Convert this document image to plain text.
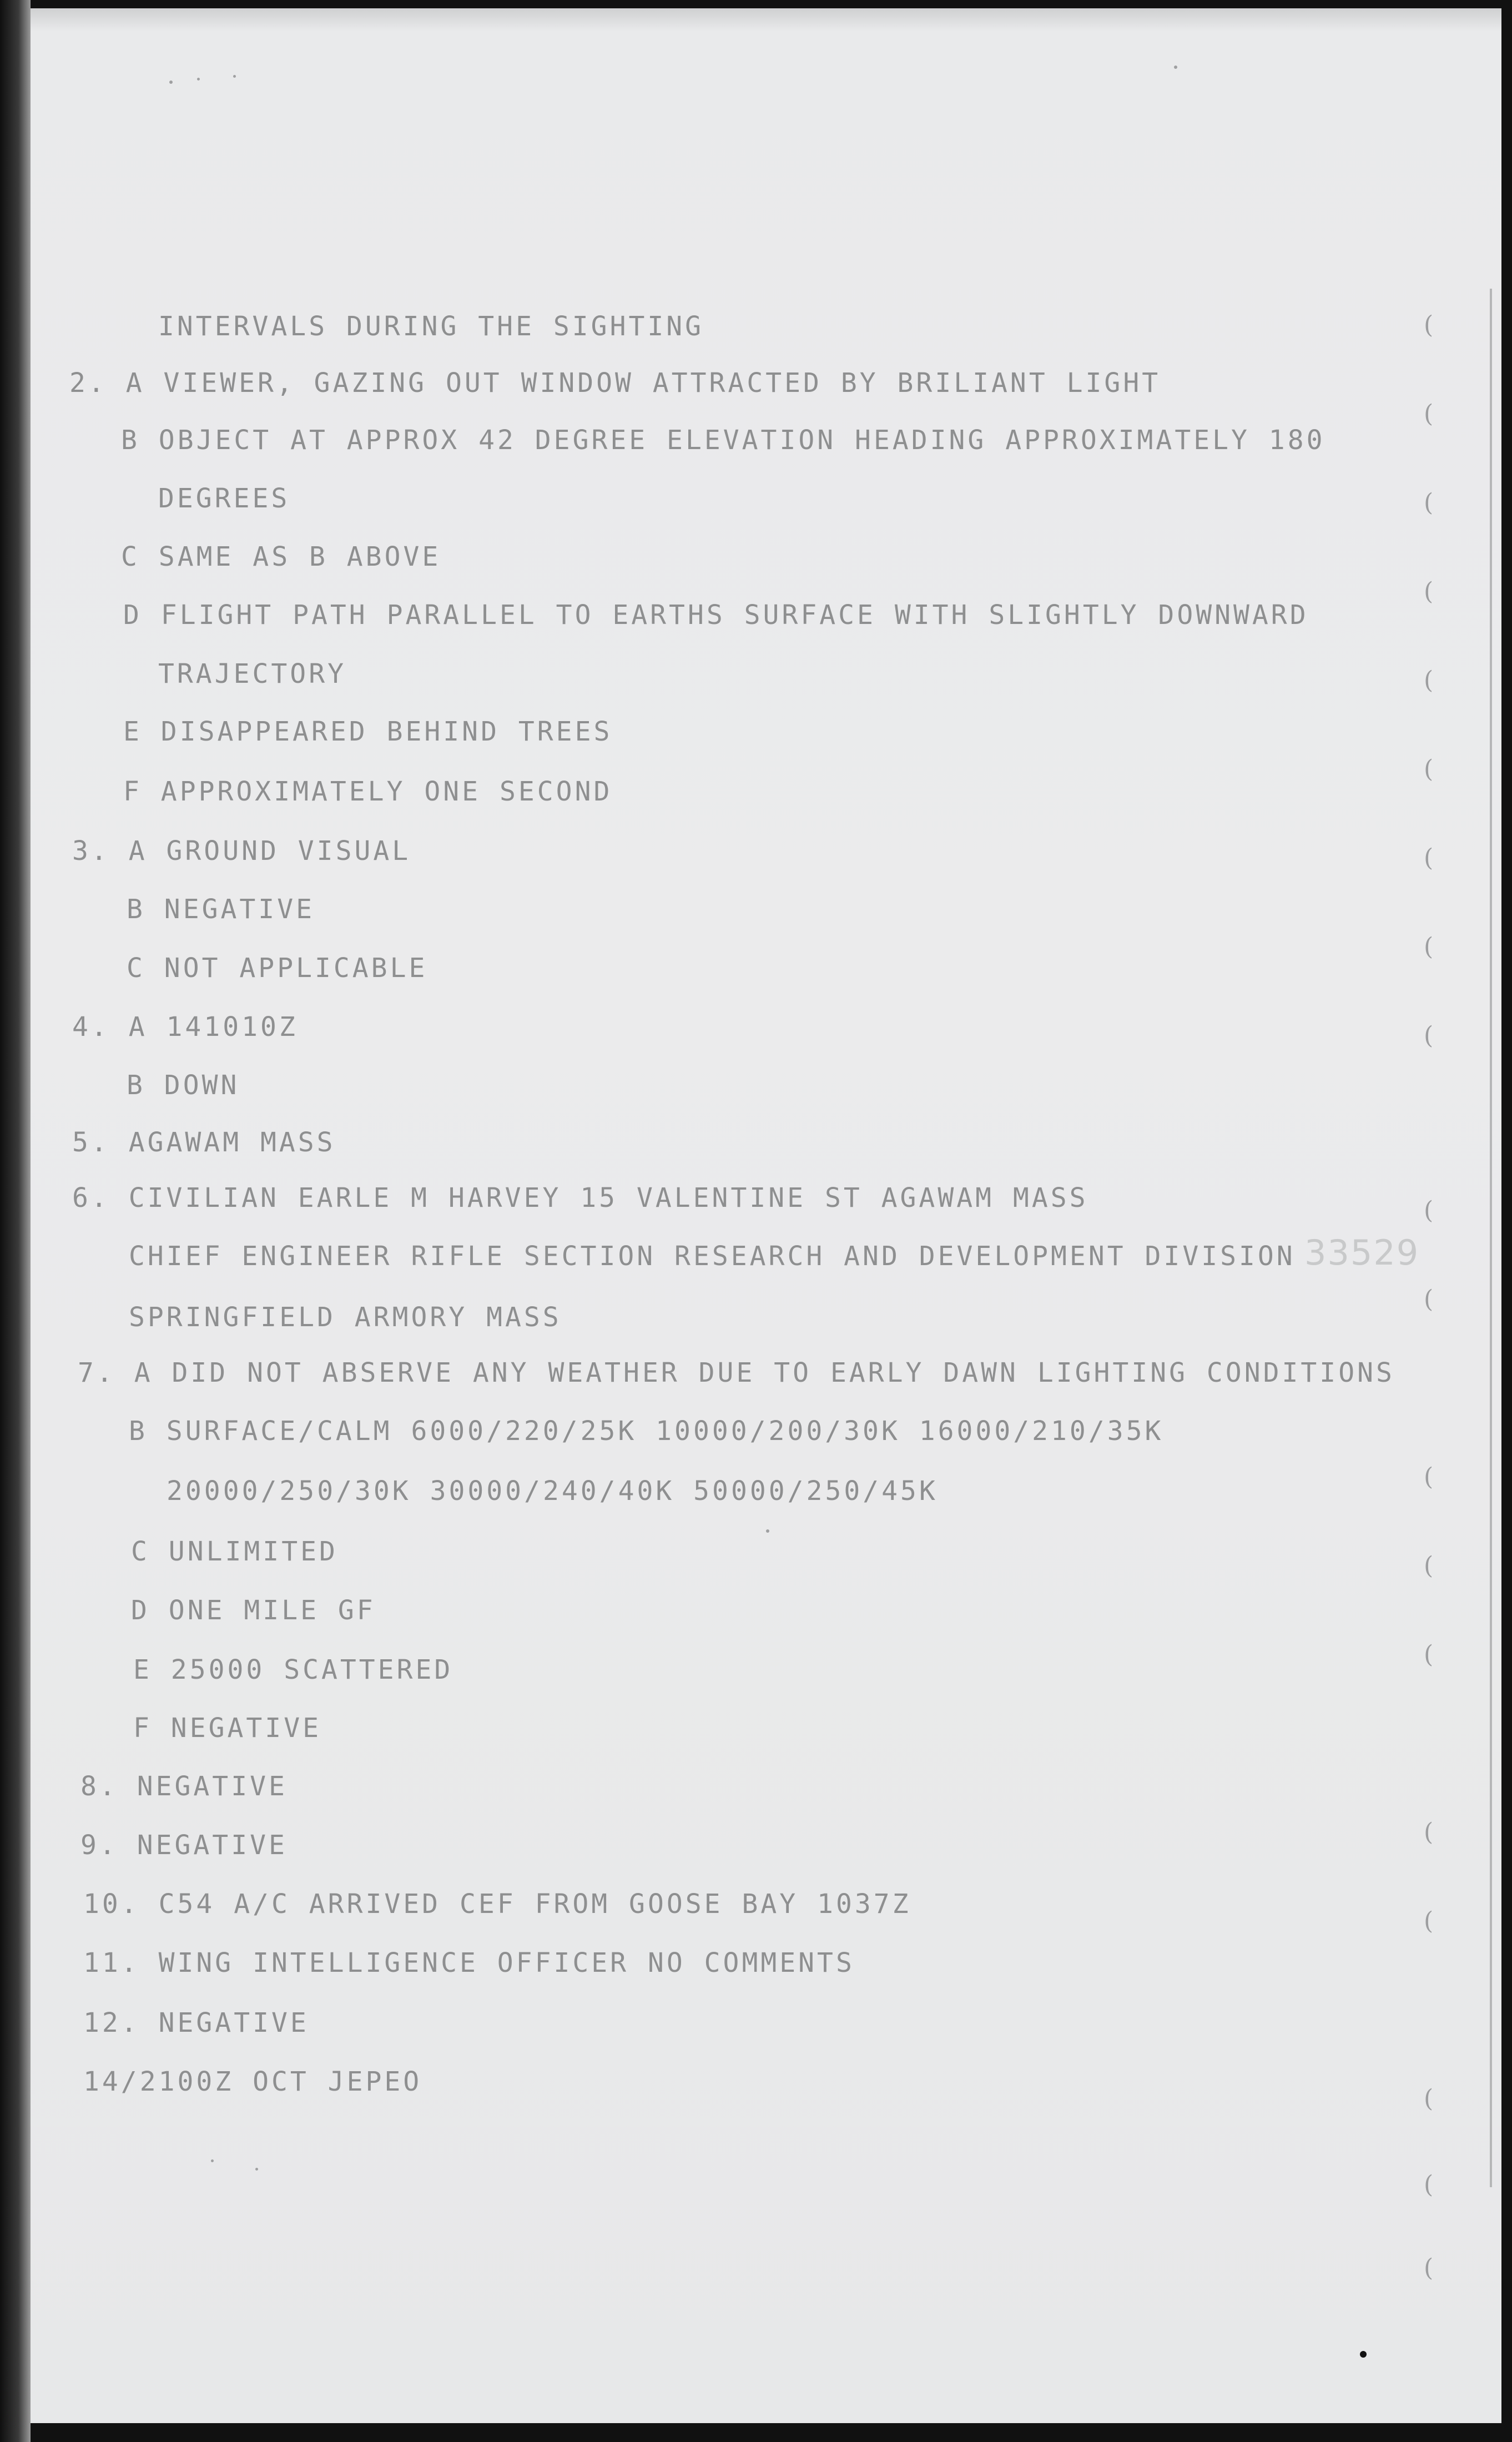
INTERVALS DURING THE SIGHTING

2. A VIEWER, GAZING OUT WINDOW ATTRACTED BY BRILIANT LIGHT

B OBJECT AT APPROX 42 DEGREE ELEVATION HEADING APPROXIMATELY 180

DEGREES

C SAME AS B ABOVE

D FLIGHT PATH PARALLEL TO EARTHS SURFACE WITH SLIGHTLY DOWNWARD

TRAJECTORY

E DISAPPEARED BEHIND TREES

F APPROXIMATELY ONE SECOND

3. A GROUND VISUAL

B NEGATIVE

C NOT APPLICABLE

4. A 141010Z

B DOWN

5. AGAWAM MASS

6. CIVILIAN EARLE M HARVEY 15 VALENTINE ST AGAWAM MASS

CHIEF ENGINEER RIFLE SECTION RESEARCH AND DEVELOPMENT DIVISION

SPRINGFIELD ARMORY MASS

7. A DID NOT ABSERVE ANY WEATHER DUE TO EARLY DAWN LIGHTING CONDITIONS

B SURFACE/CALM 6000/220/25K 10000/200/30K 16000/210/35K

20000/250/30K 30000/240/40K 50000/250/45K

C UNLIMITED

D ONE MILE GF

E 25000 SCATTERED

F NEGATIVE

8. NEGATIVE

9. NEGATIVE

10. C54 A/C ARRIVED CEF FROM GOOSE BAY 1037Z

11. WING INTELLIGENCE OFFICER NO COMMENTS

12. NEGATIVE

14/2100Z OCT JEPEO

33529
(
(
(
(
(
(
(
(
(
(
(
(
(
(
(
(
(
(
(
